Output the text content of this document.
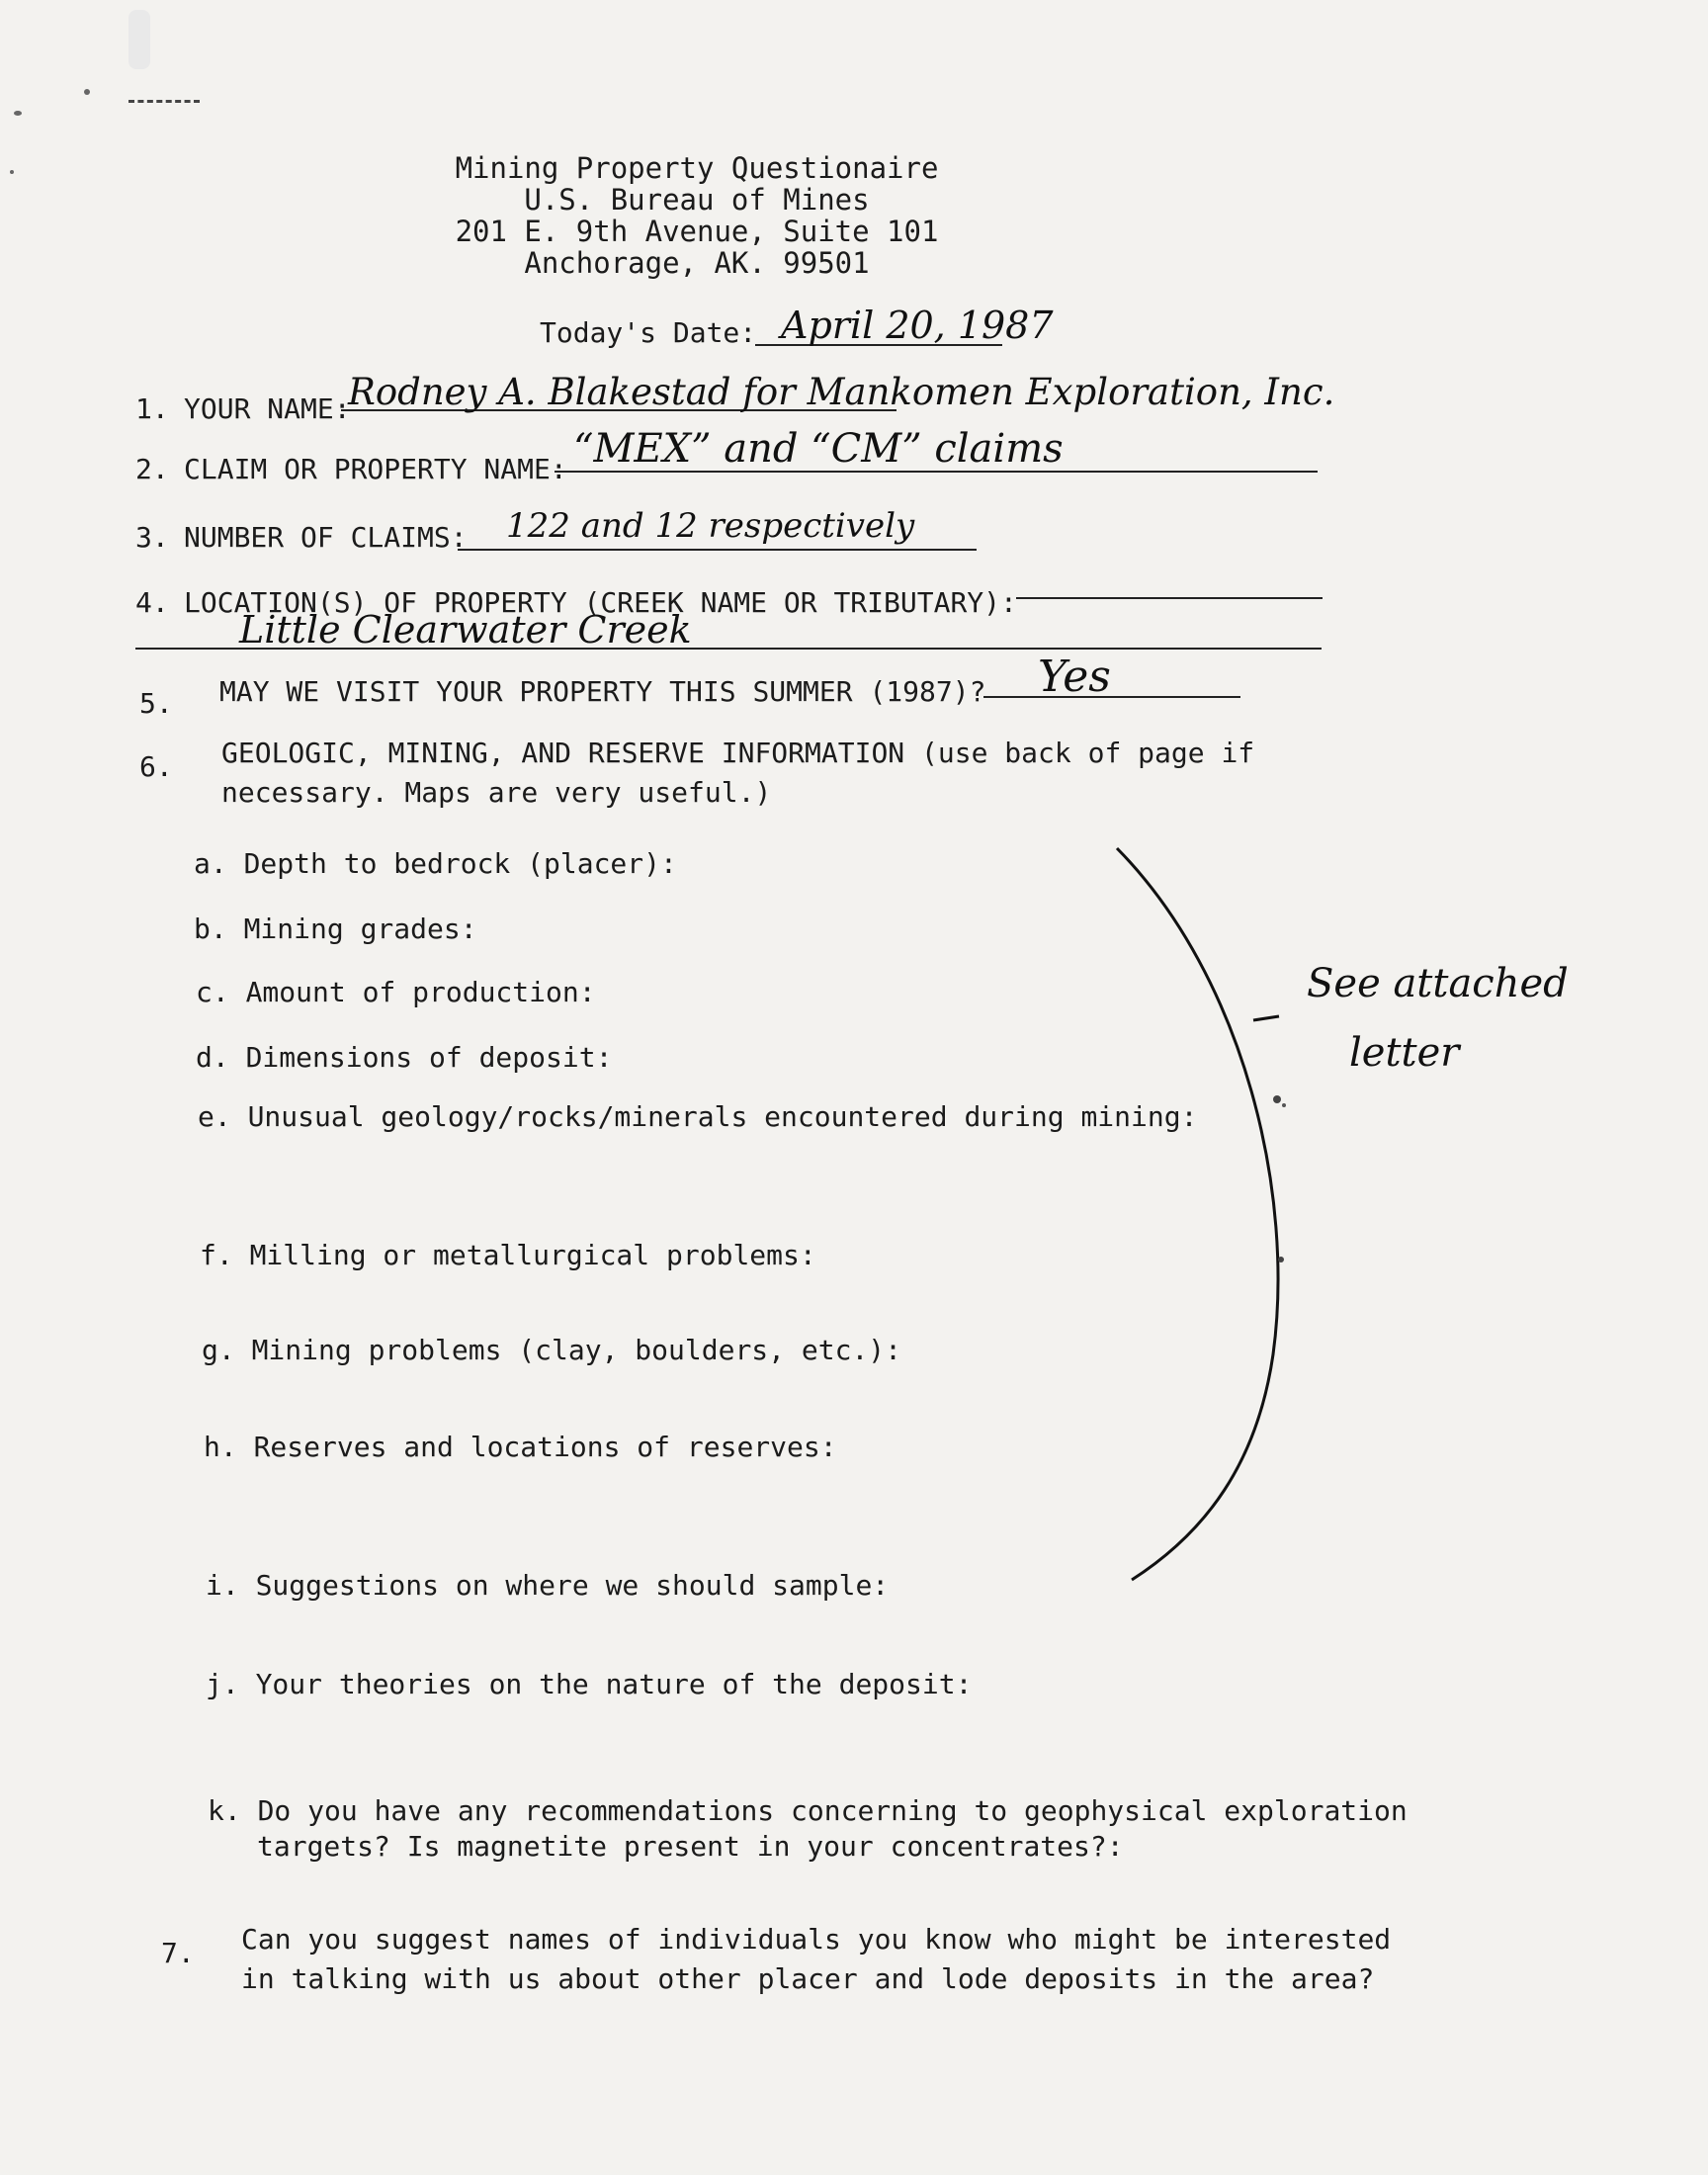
Mining Property Questionaire
U.S. Bureau of Mines
201 E. 9th Avenue, Suite 101
Anchorage, AK. 99501
Today's Date: April 20, 1987
1. YOUR NAME:
Rodney A. Blakestad for Mankomen Exploration, Inc.
2. CLAIM OR PROPERTY NAME: “MEX” and “CM” claims
3. NUMBER OF CLAIMS: 122 and 12 respectively
4. LOCATION(S) OF PROPERTY (CREEK NAME OR TRIBUTARY):
Little Clearwater Creek
5. MAY WE VISIT YOUR PROPERTY THIS SUMMER (1987)? Yes
6. GEOLOGIC, MINING, AND RESERVE INFORMATION (use back of page if
necessary. Maps are very useful.)
a. Depth to bedrock (placer):
b. Mining grades:
c. Amount of production:
d. Dimensions of deposit:
e. Unusual geology/rocks/minerals encountered during mining:
f. Milling or metallurgical problems:
g. Mining problems (clay, boulders, etc.):
h. Reserves and locations of reserves:
i. Suggestions on where we should sample:
j. Your theories on the nature of the deposit:
k. Do you have any recommendations concerning to geophysical exploration
targets? Is magnetite present in your concentrates?:
See attached
letter
7. Can you suggest names of individuals you know who might be interested
in talking with us about other placer and lode deposits in the area?
